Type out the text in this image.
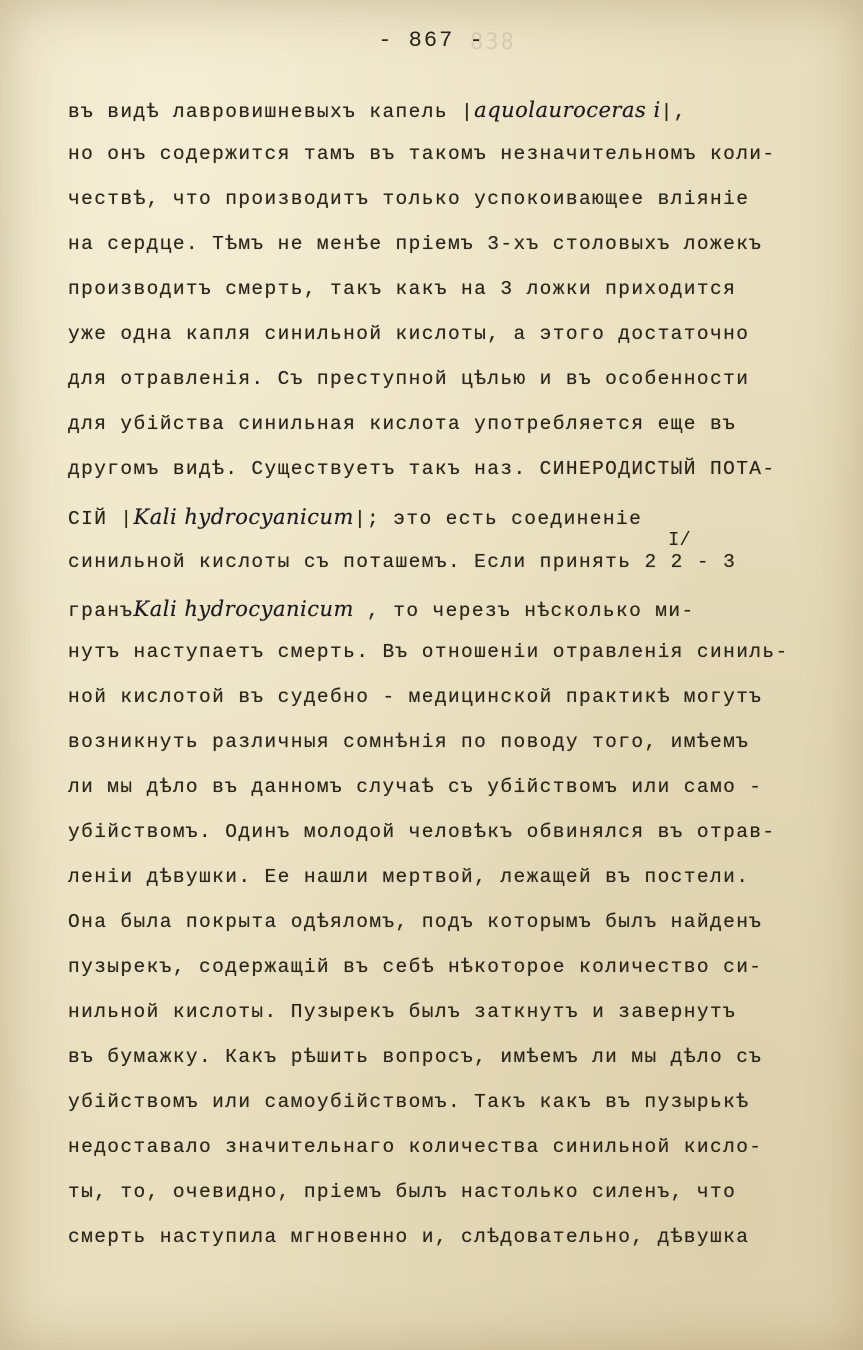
838
- 867 -
въ видѣ лавровишневыхъ капель |aquolauroceras i|,
но онъ содержится тамъ въ такомъ незначительномъ коли-
чествѣ, что производитъ только успокоивающее вліяніе
на сердце. Тѣмъ не менѣе пріемъ 3-хъ столовыхъ ложекъ
производитъ смерть, такъ какъ на 3 ложки приходится
уже одна капля синильной кислоты, а этого достаточно
для отравленія. Съ преступной цѣлью и въ особенности
для убійства синильная кислота употребляется еще въ
другомъ видѣ. Существуетъ такъ наз. СИНЕРОДИСТЫЙ ПОТА-
СІЙ |Kali hydrocyanicum|; это есть соединеніе
I/
синильной кислоты съ поташемъ. Если принять 2 2 - 3
гранъKali hydrocyanicum , то черезъ нѣсколько ми-
нутъ наступаетъ смерть. Въ отношеніи отравленія синиль-
ной кислотой въ судебно - медицинской практикѣ могутъ
возникнуть различныя сомнѣнія по поводу того, имѣемъ
ли мы дѣло въ данномъ случаѣ съ убійствомъ или само -
убійствомъ. Одинъ молодой человѣкъ обвинялся въ отрав-
леніи дѣвушки. Ее нашли мертвой, лежащей въ постели.
Она была покрыта одѣяломъ, подъ которымъ былъ найденъ
пузырекъ, содержащій въ себѣ нѣкоторое количество си-
нильной кислоты. Пузырекъ былъ заткнутъ и завернутъ
въ бумажку. Какъ рѣшить вопросъ, имѣемъ ли мы дѣло съ
убійствомъ или самоубійствомъ. Такъ какъ въ пузырькѣ
недоставало значительнаго количества синильной кисло-
ты, то, очевидно, пріемъ былъ настолько силенъ, что
смерть наступила мгновенно и, слѣдовательно, дѣвушка
